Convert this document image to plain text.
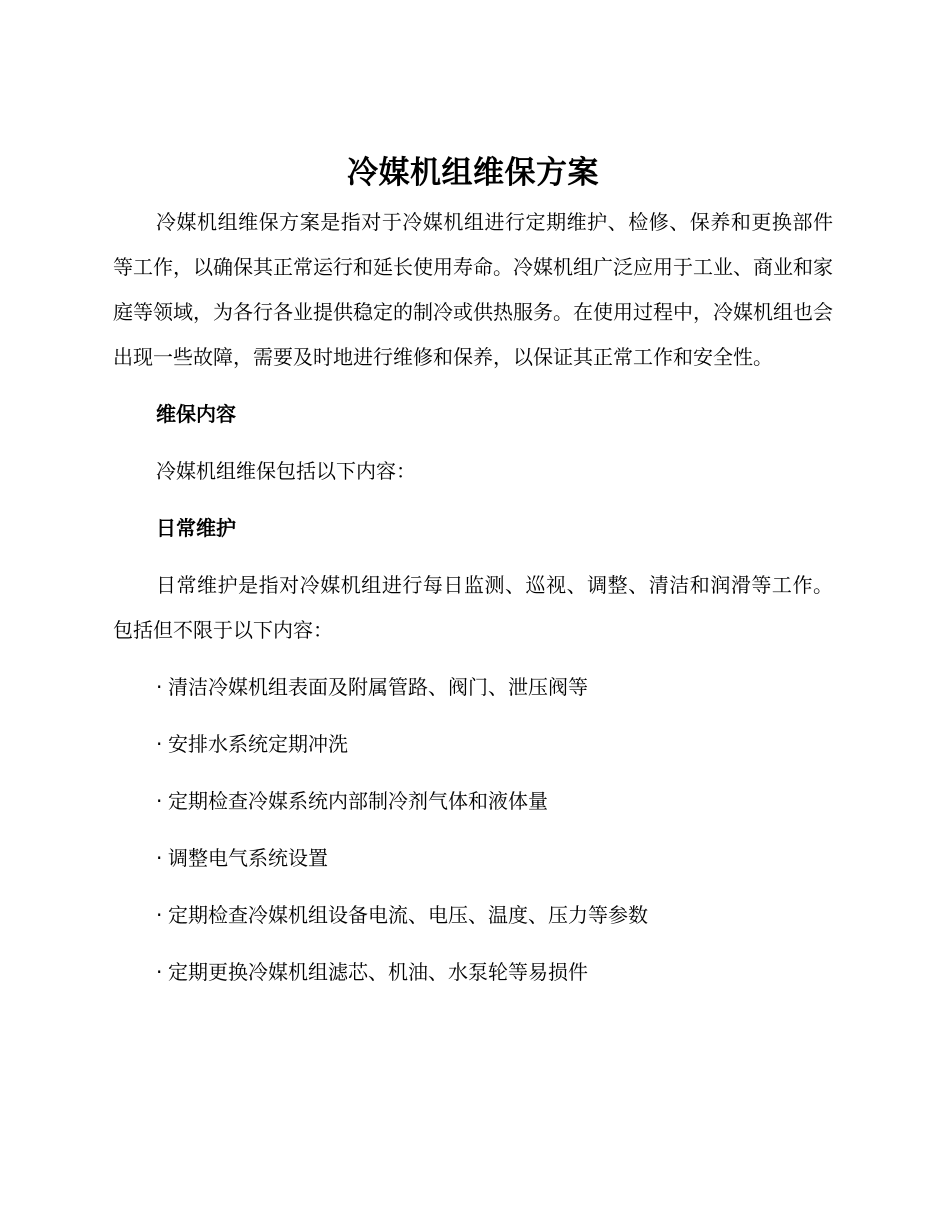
冷媒机组维保方案

冷媒机组维保方案是指对于冷媒机组进行定期维护、检修、保养和更换部件等工作，以确保其正常运行和延长使用寿命。冷媒机组广泛应用于工业、商业和家庭等领域，为各行各业提供稳定的制冷或供热服务。在使用过程中，冷媒机组也会出现一些故障，需要及时地进行维修和保养，以保证其正常工作和安全性。

维保内容

冷媒机组维保包括以下内容：

日常维护

日常维护是指对冷媒机组进行每日监测、巡视、调整、清洁和润滑等工作。包括但不限于以下内容：

· 清洁冷媒机组表面及附属管路、阀门、泄压阀等
· 安排水系统定期冲洗
· 定期检查冷媒系统内部制冷剂气体和液体量
· 调整电气系统设置
· 定期检查冷媒机组设备电流、电压、温度、压力等参数
· 定期更换冷媒机组滤芯、机油、水泵轮等易损件
